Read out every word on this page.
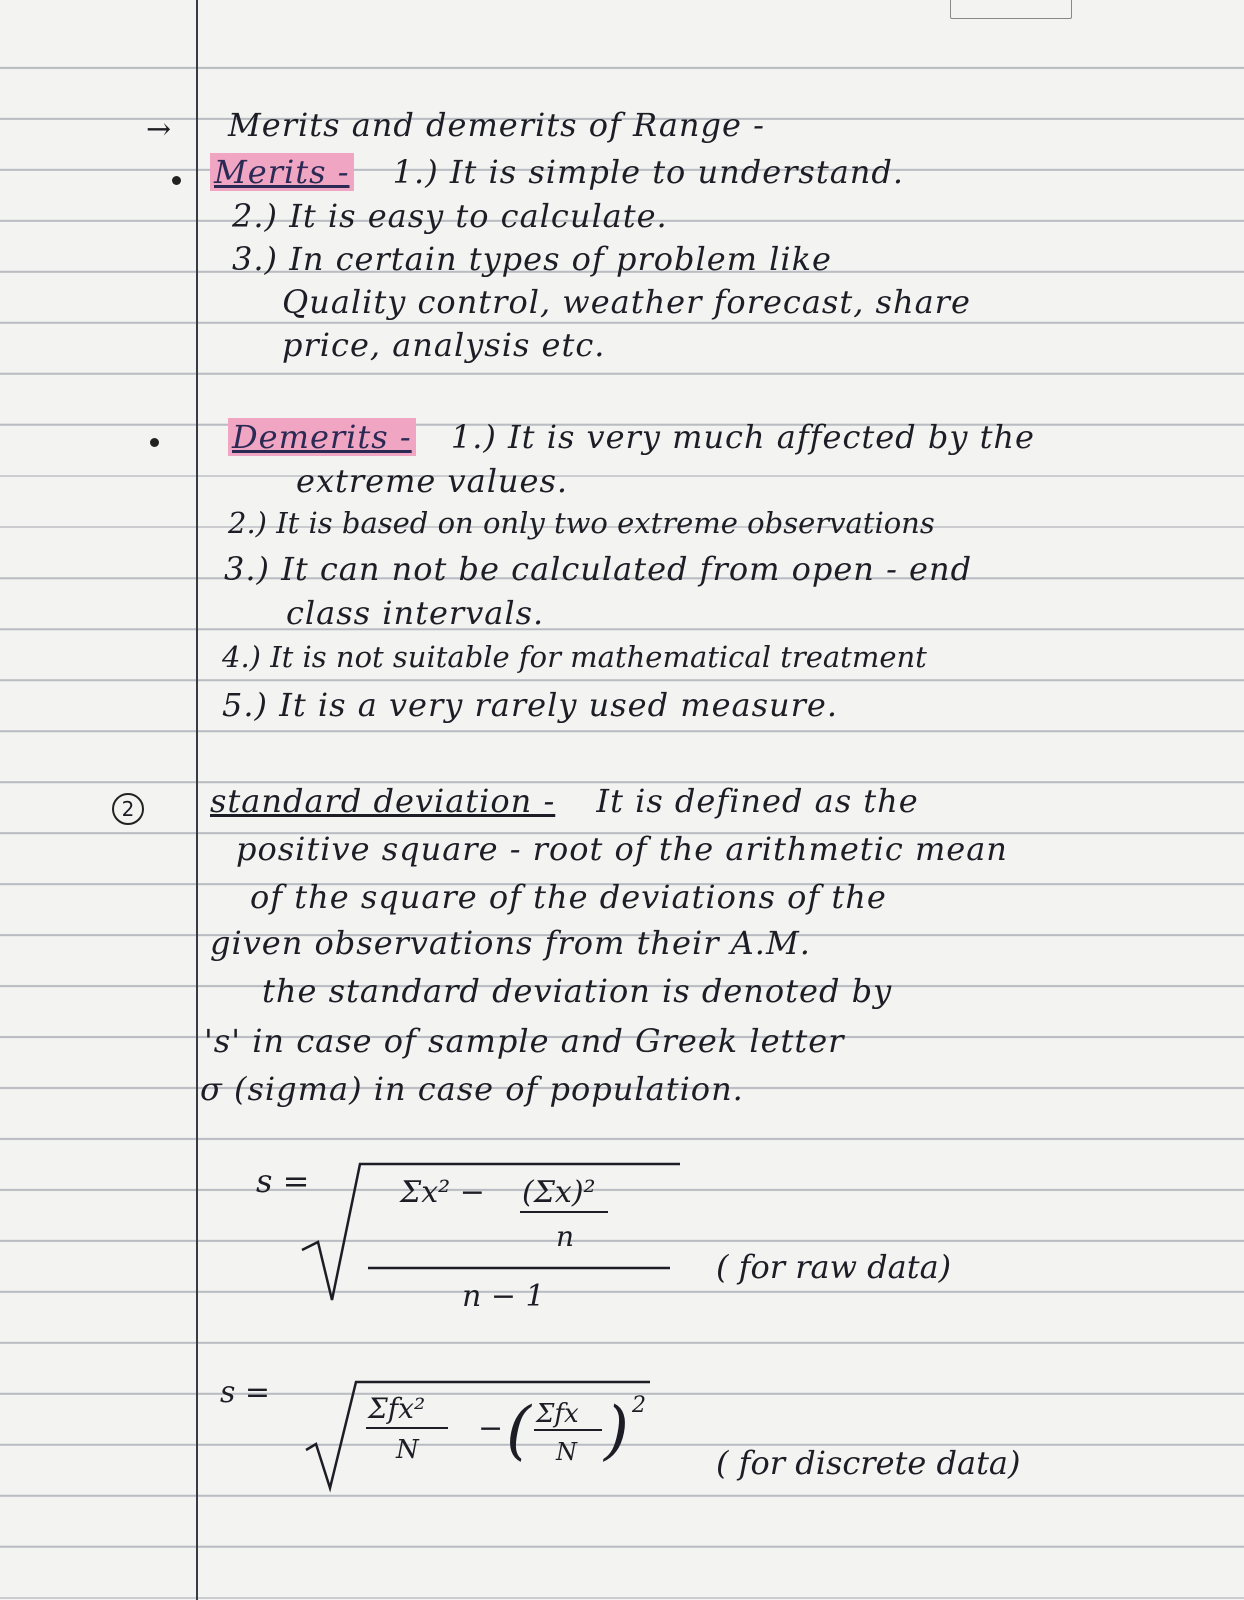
→ Merits and demerits of Range -
Merits - 1.) It is simple to understand.
2.) It is easy to calculate.
3.) In certain types of problem like
Quality control, weather forecast, share
price, analysis etc.
Demerits - 1.) It is very much affected by the
extreme values.
2.) It is based on only two extreme observations
3.) It can not be calculated from open - end
class intervals.
4.) It is not suitable for mathematical treatment
5.) It is a very rarely used measure.
2	standard deviation - It is defined as the
positive square - root of the arithmetic mean
of the square of the deviations of the
given observations from their A.M.
the standard deviation is denoted by
's' in case of sample and Greek letter
σ (sigma) in case of population.
s =	Σx² − (Σx)²
n
n − 1
( for raw data)
s =	Σfx²
N
− ( Σfx
N ) 2
( for discrete data)
